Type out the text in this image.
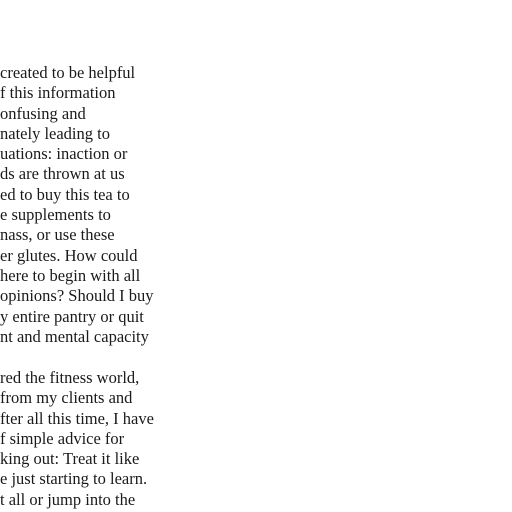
created to be helpful
f this information
onfusing and
nately leading to
uations: inaction or
ds are thrown at us
ed to buy this tea to
e supplements to
nass, or use these
er glutes. How could
here to begin with all
opinions? Should I buy
y entire pantry or quit
nt and mental capacity
red the fitness world,
from my clients and
fter all this time, I have
f simple advice for
king out: Treat it like
e just starting to learn.
t all or jump into the
